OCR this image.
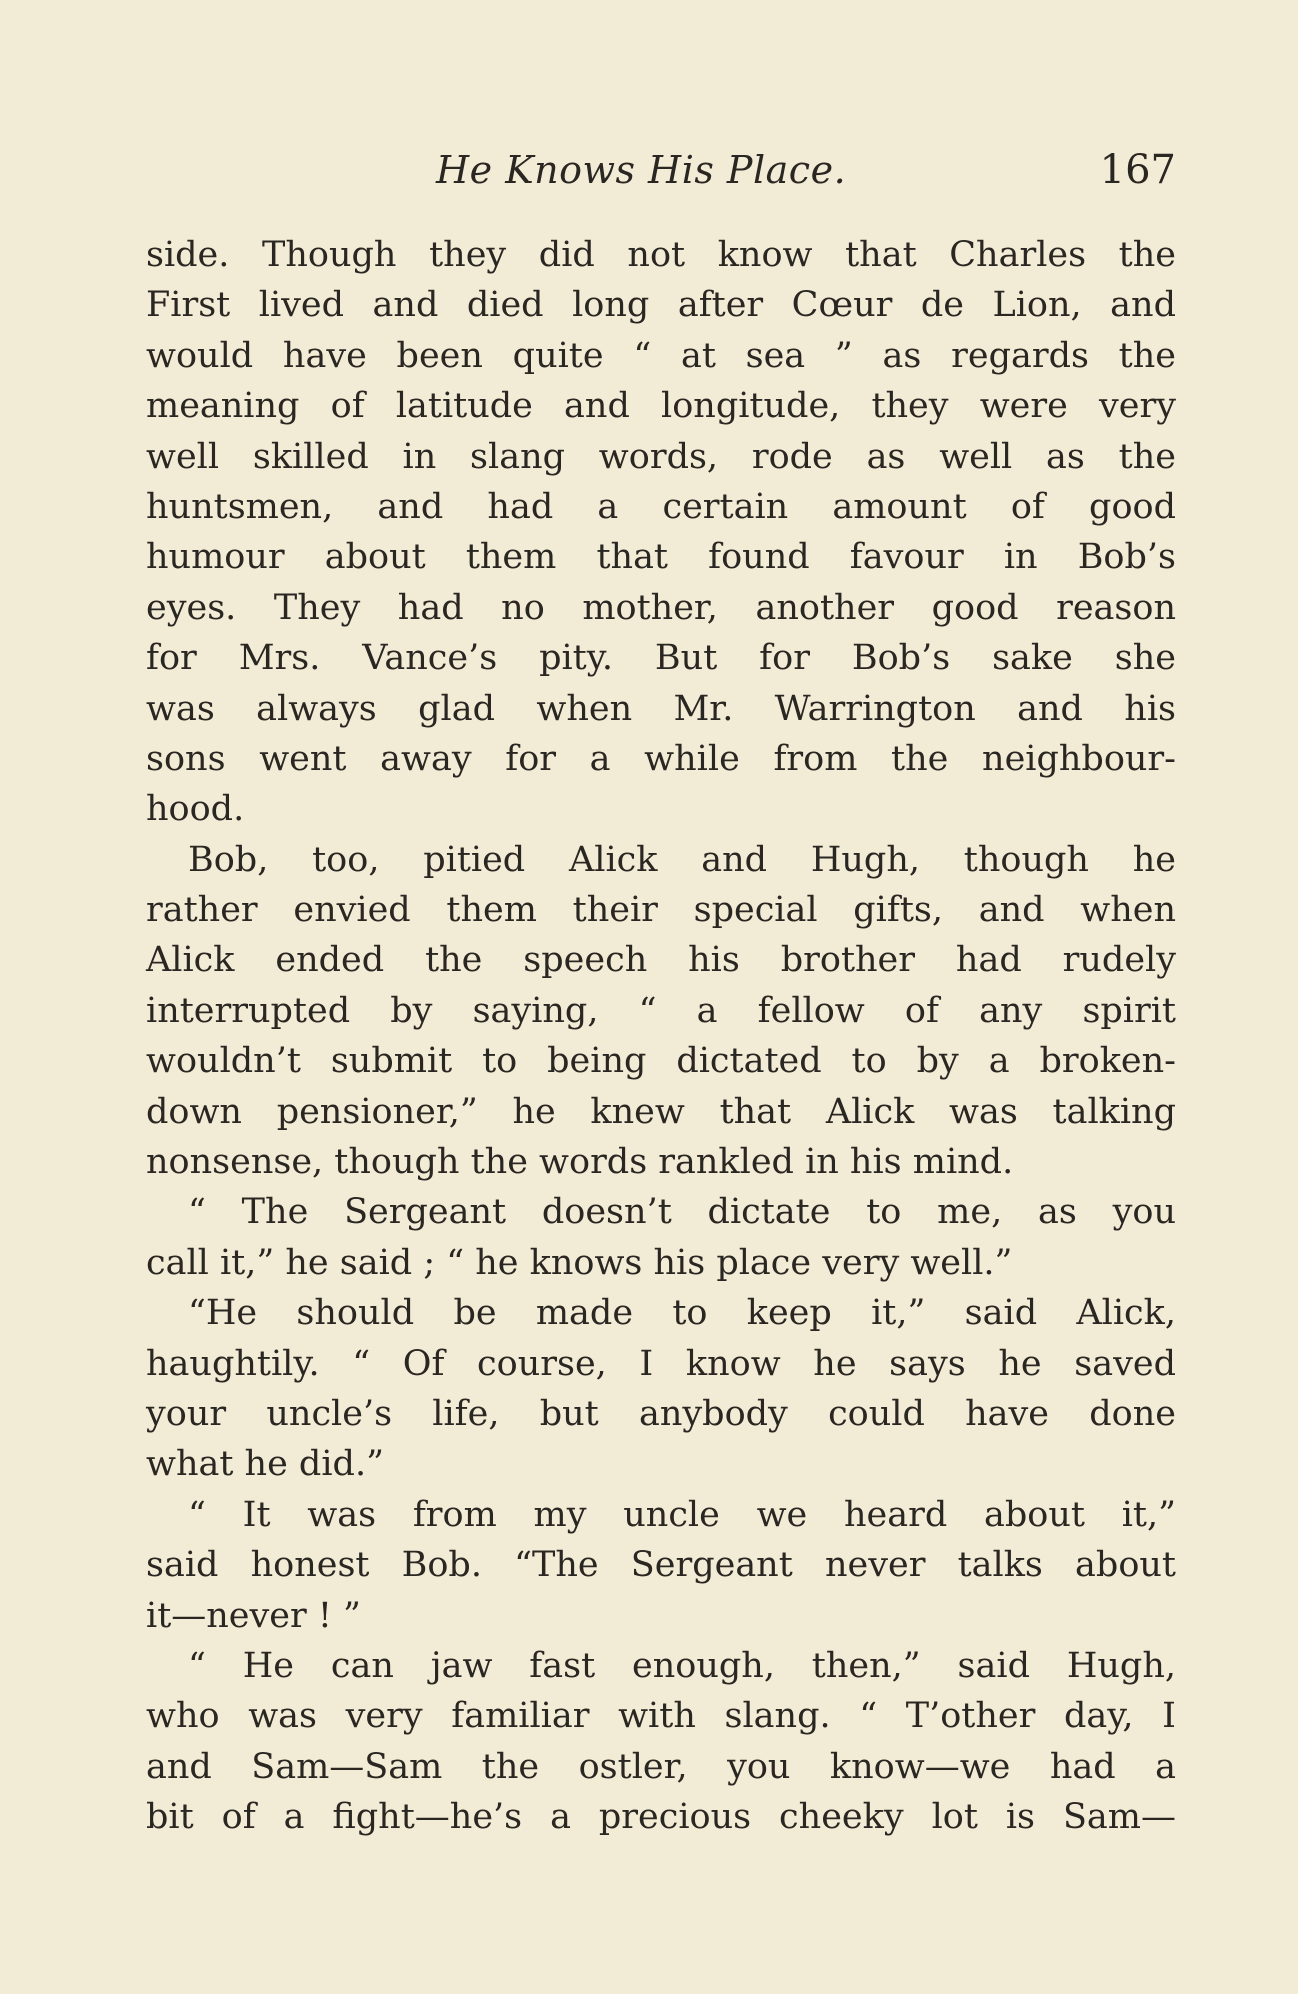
He Knows His Place.	167
side. Though they did not know that Charles the
First lived and died long after Cœur de Lion, and
would have been quite “ at sea ” as regards the
meaning of latitude and longitude, they were very
well skilled in slang words, rode as well as the
huntsmen, and had a certain amount of good
humour about them that found favour in Bob’s
eyes. They had no mother, another good reason
for Mrs. Vance’s pity. But for Bob’s sake she
was always glad when Mr. Warrington and his
sons went away for a while from the neighbour-
hood.
Bob, too, pitied Alick and Hugh, though he
rather envied them their special gifts, and when
Alick ended the speech his brother had rudely
interrupted by saying, “ a fellow of any spirit
wouldn’t submit to being dictated to by a broken-
down pensioner,” he knew that Alick was talking
nonsense, though the words rankled in his mind.
“ The Sergeant doesn’t dictate to me, as you
call it,” he said ; “ he knows his place very well.”
“He should be made to keep it,” said Alick,
haughtily. “ Of course, I know he says he saved
your uncle’s life, but anybody could have done
what he did.”
“ It was from my uncle we heard about it,”
said honest Bob. “The Sergeant never talks about
it—never ! ”
“ He can jaw fast enough, then,” said Hugh,
who was very familiar with slang. “ T’other day, I
and Sam—Sam the ostler, you know—we had a
bit of a fight—he’s a precious cheeky lot is Sam—
